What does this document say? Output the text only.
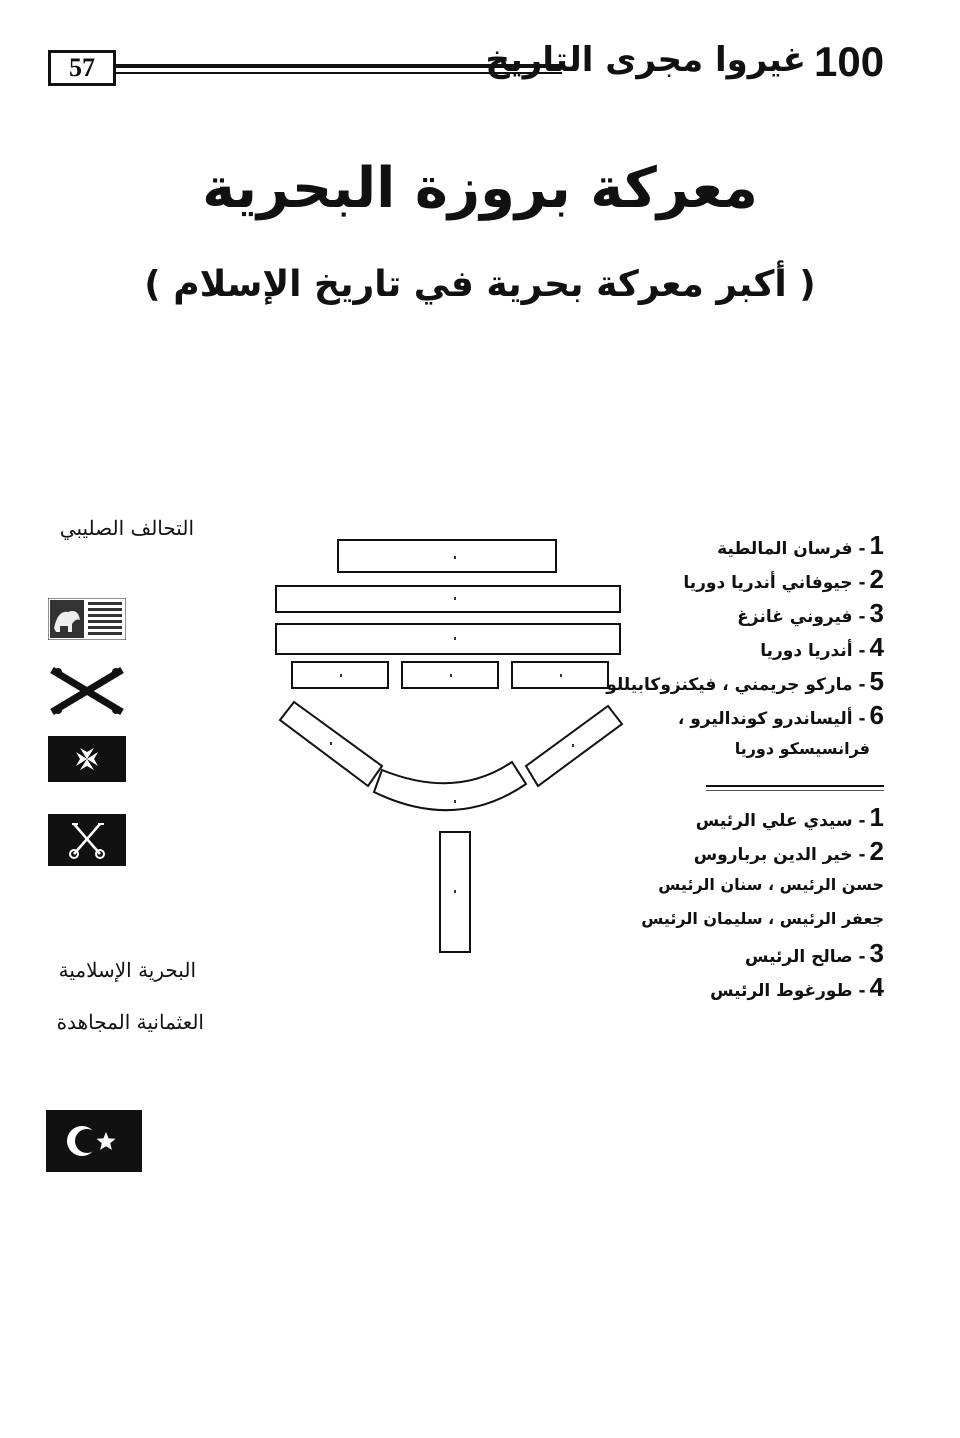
57	غيروا مجرى التاريخ 100
معركة بروزة البحرية
( أكبر معركة بحرية في تاريخ الإسلام )
التحالف الصليبي
البحرية الإسلامية
العثمانية المجاهدة
1- فرسان المالطية
2- جيوفاني أندريا دوريا
3- فيروني غانزغ
4- أندريا دوريا
5- ماركو جريمني ، فيكنزوكابيللو
6- أليساندرو كونداليرو ،
فرانسيسكو دوريا
1- سيدي علي الرئيس
2- خير الدين برباروس
حسن الرئيس ، سنان الرئيس
جعفر الرئيس ، سليمان الرئيس
3- صالح الرئيس
4- طورغوط الرئيس
